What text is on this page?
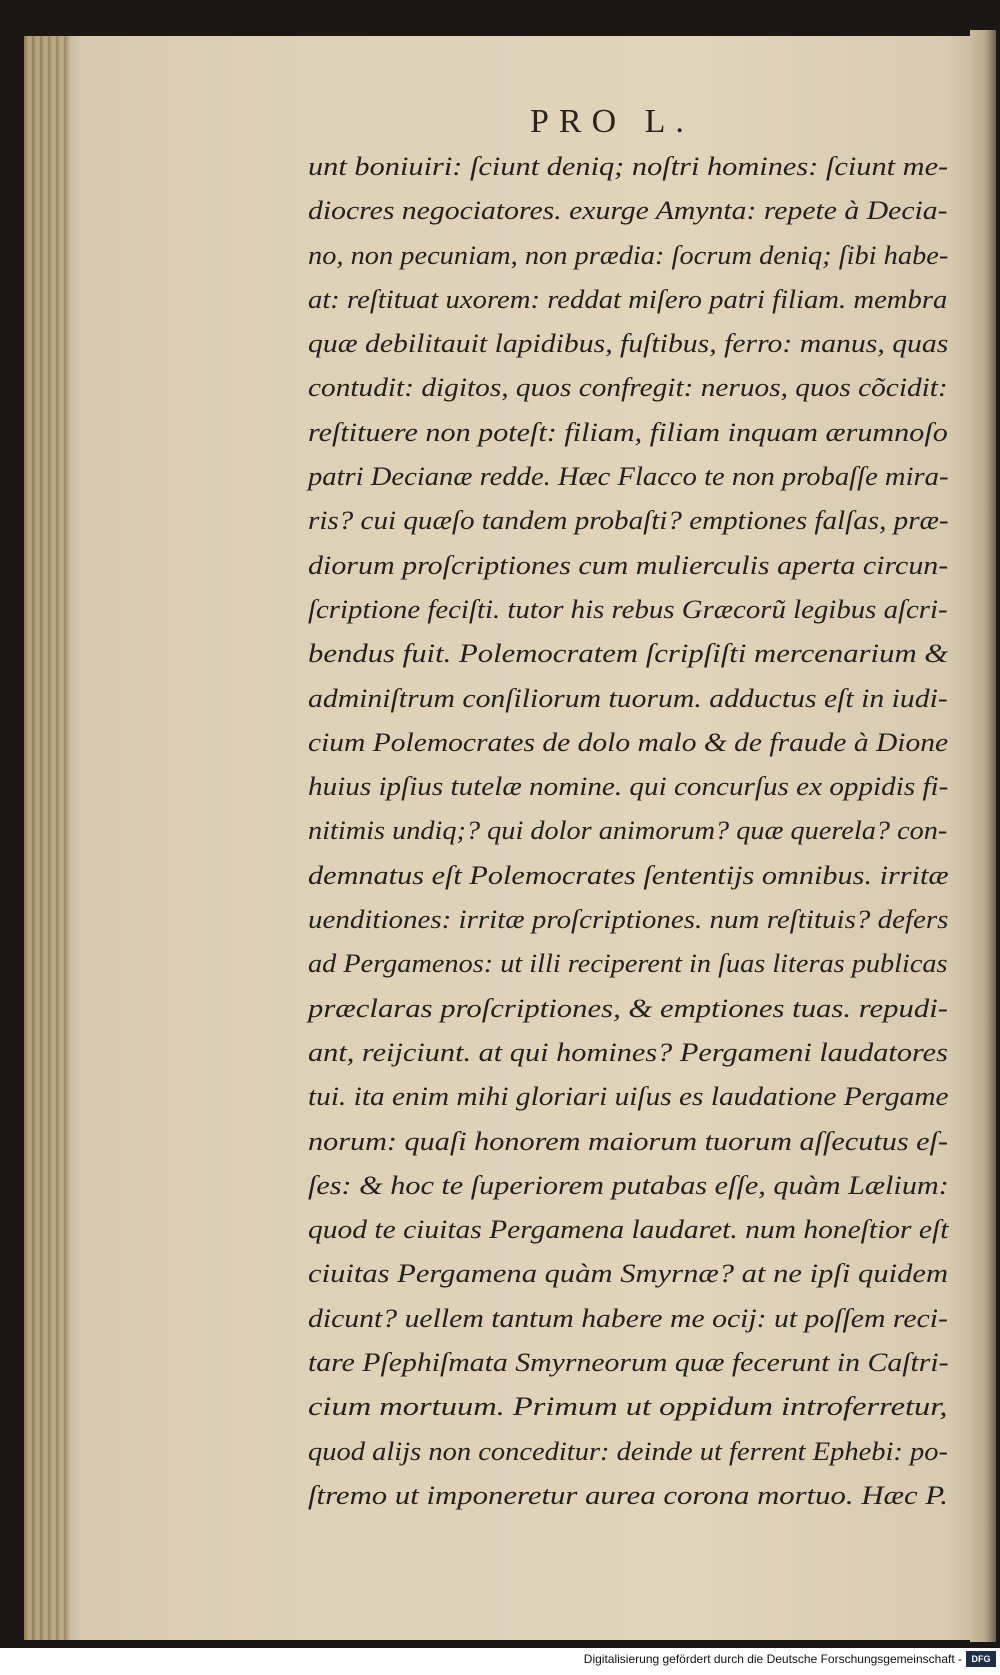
PRO L.
unt boniuiri: ſciunt deniq; noſtri homines: ſciunt me-
diocres negociatores. exurge Amynta: repete à Decia-
no, non pecuniam, non prædia: ſocrum deniq; ſibi habe-
at: reſtituat uxorem: reddat miſero patri filiam. membra
quæ debilitauit lapidibus, fuſtibus, ferro: manus, quas
contudit: digitos, quos confregit: neruos, quos cõcidit:
reſtituere non poteſt: filiam, filiam inquam ærumnoſo
patri Decianæ redde. Hæc Flacco te non probaſſe mira-
ris? cui quæſo tandem probaſti? emptiones falſas, præ-
diorum proſcriptiones cum mulierculis aperta circun-
ſcriptione feciſti. tutor his rebus Græcorũ legibus aſcri-
bendus fuit. Polemocratem ſcripſiſti mercenarium &
adminiſtrum conſiliorum tuorum. adductus eſt in iudi-
cium Polemocrates de dolo malo & de fraude à Dione
huius ipſius tutelæ nomine. qui concurſus ex oppidis fi-
nitimis undiq;? qui dolor animorum? quæ querela? con-
demnatus eſt Polemocrates ſententijs omnibus. irritæ
uenditiones: irritæ proſcriptiones. num reſtituis? defers
ad Pergamenos: ut illi reciperent in ſuas literas publicas
præclaras proſcriptiones, & emptiones tuas. repudi-
ant, reijciunt. at qui homines? Pergameni laudatores
tui. ita enim mihi gloriari uiſus es laudatione Pergame
norum: quaſi honorem maiorum tuorum aſſecutus eſ-
ſes: & hoc te ſuperiorem putabas eſſe, quàm Lælium:
quod te ciuitas Pergamena laudaret. num honeſtior eſt
ciuitas Pergamena quàm Smyrnæ? at ne ipſi quidem
dicunt? uellem tantum habere me ocij: ut poſſem reci-
tare Pſephiſmata Smyrneorum quæ fecerunt in Caſtri-
cium mortuum. Primum ut oppidum introferretur,
quod alijs non conceditur: deinde ut ferrent Ephebi: po-
ſtremo ut imponeretur aurea corona mortuo. Hæc P.
Digitalisierung gefördert durch die Deutsche Forschungsgemeinschaft -	DFG
